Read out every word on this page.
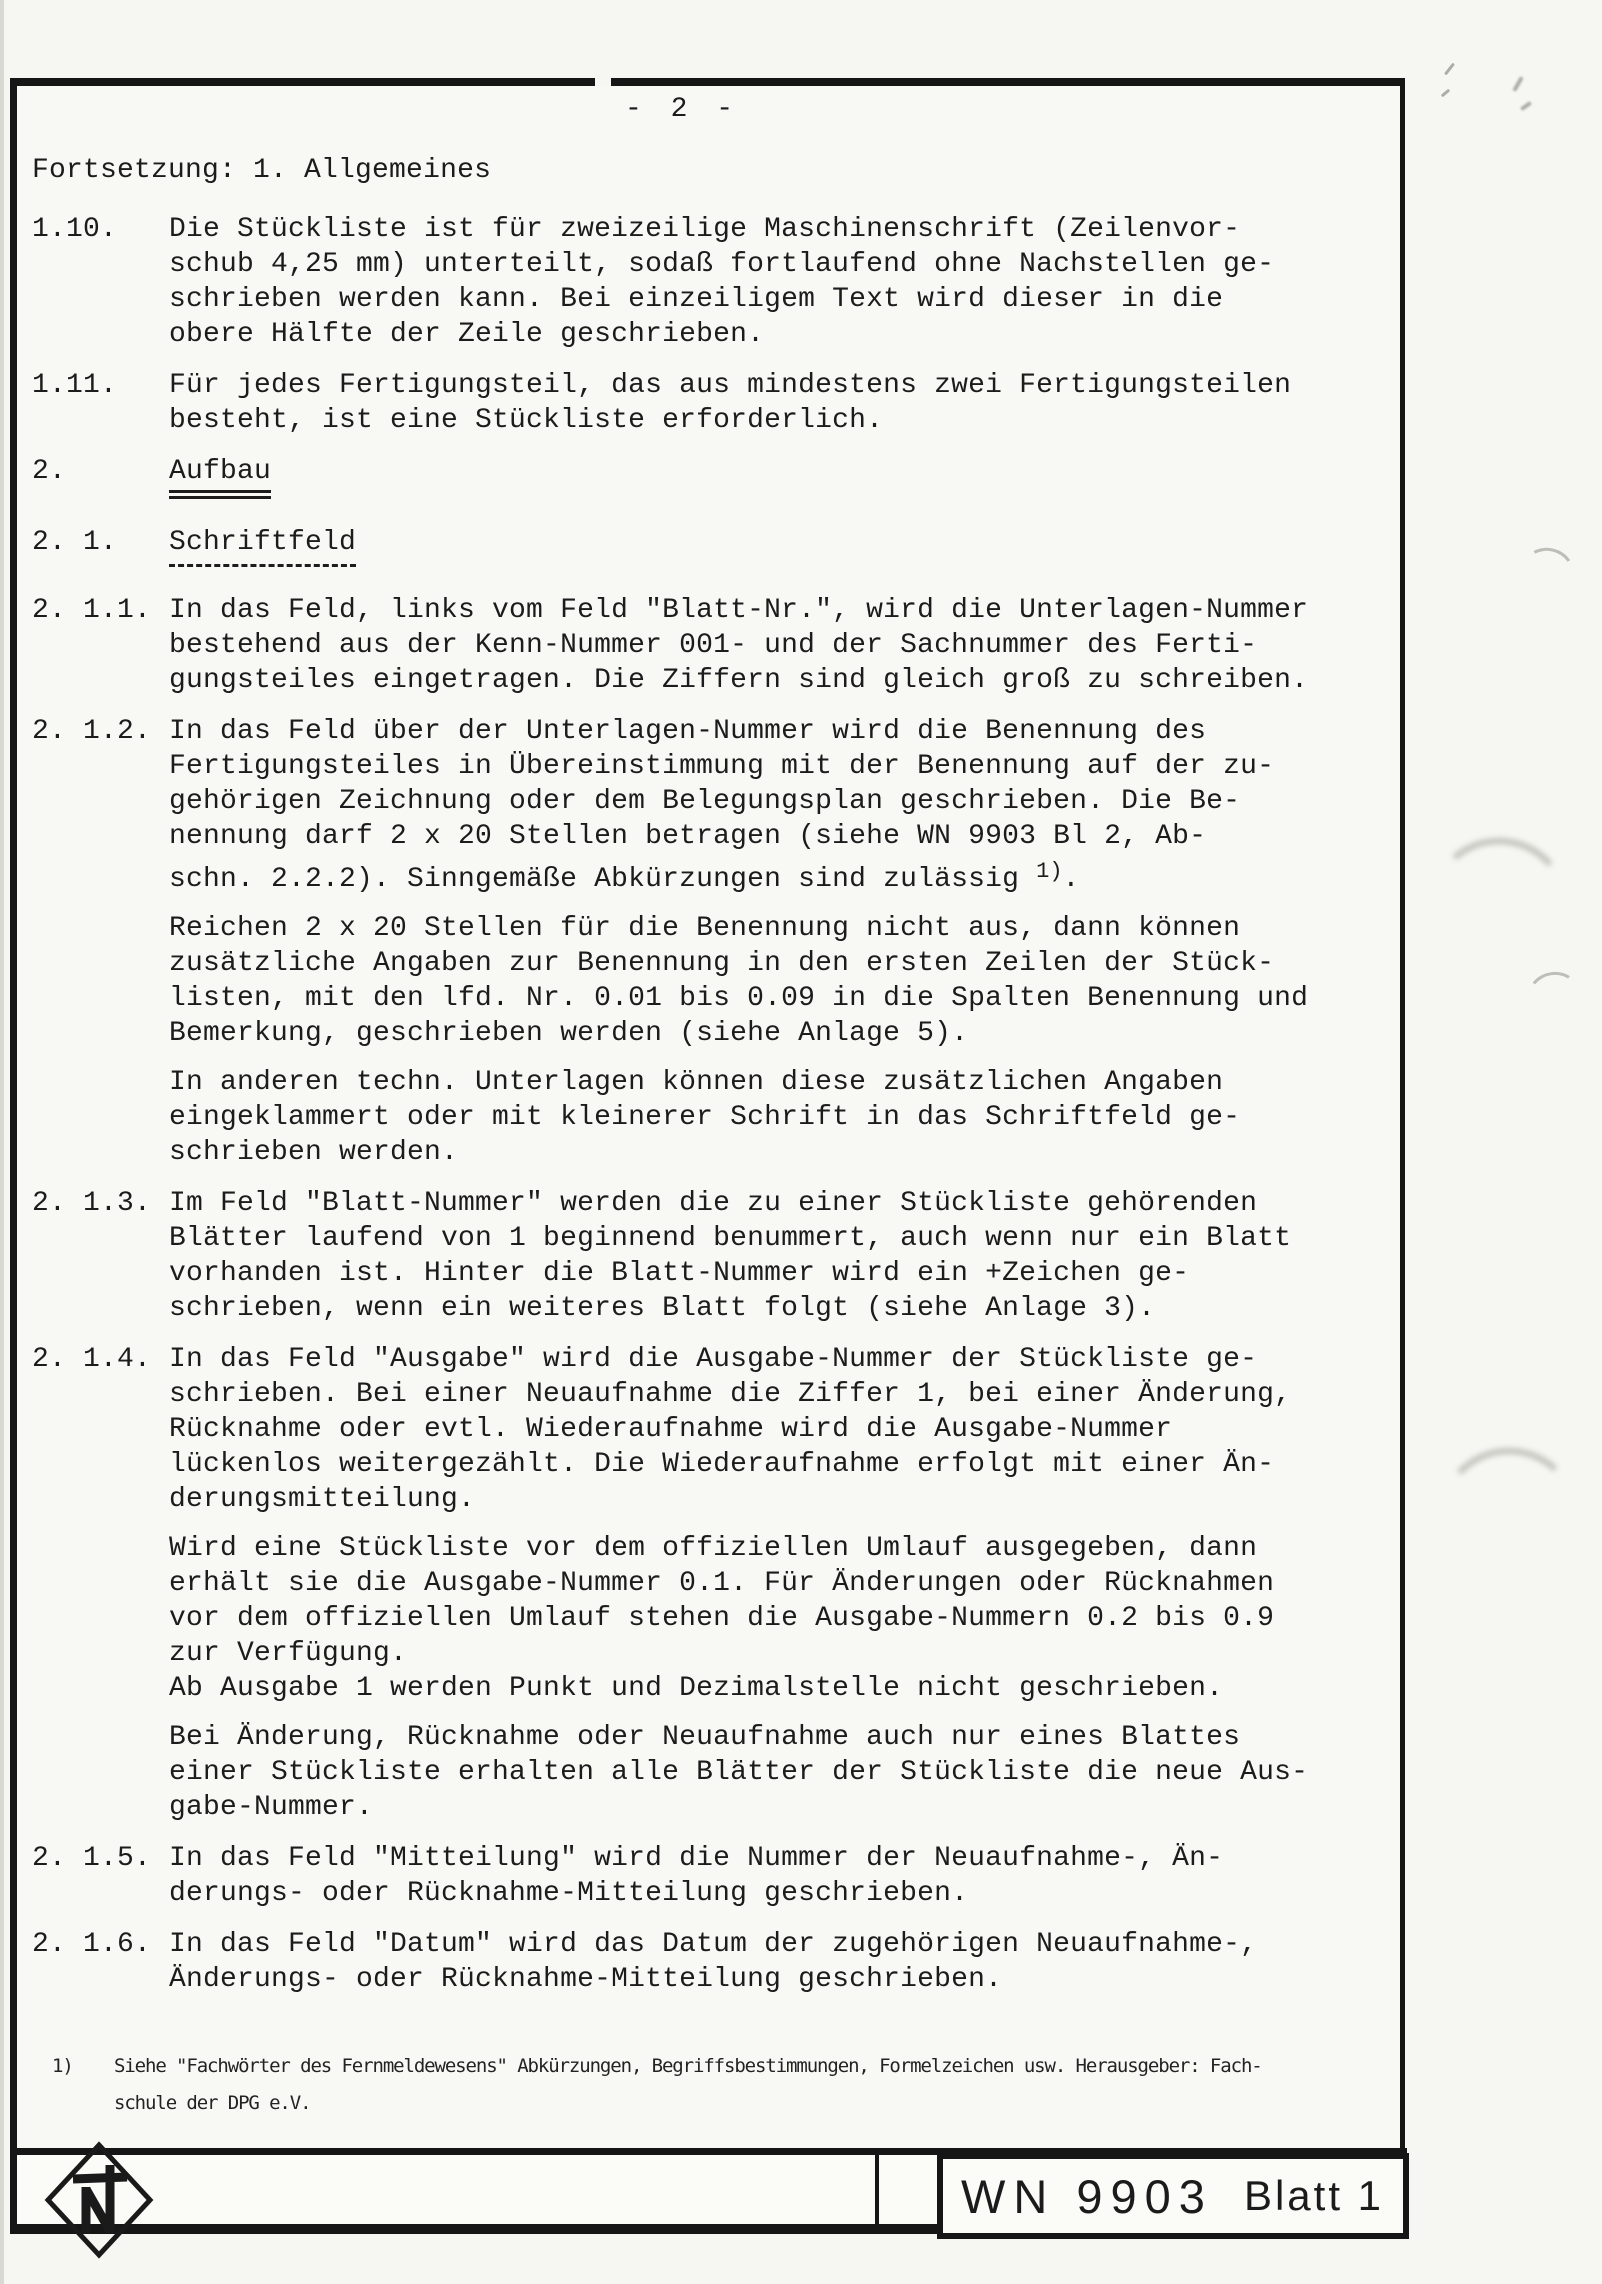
- 2 -
Fortsetzung: 1. Allgemeines
1.10.	Die Stückliste ist für zweizeilige Maschinenschrift (Zeilenvor-
schub 4,25 mm) unterteilt, sodaß fortlaufend ohne Nachstellen ge-
schrieben werden kann. Bei einzeiligem Text wird dieser in die
obere Hälfte der Zeile geschrieben.

1.11.	Für jedes Fertigungsteil, das aus mindestens zwei Fertigungsteilen
besteht, ist eine Stückliste erforderlich.

2.	Aufbau
2. 1.	Schriftfeld
2. 1.1. In das Feld, links vom Feld "Blatt-Nr.", wird die Unterlagen-Nummer
bestehend aus der Kenn-Nummer 001- und der Sachnummer des Ferti-
gungsteiles eingetragen. Die Ziffern sind gleich groß zu schreiben.

2. 1.2. In das Feld über der Unterlagen-Nummer wird die Benennung des
Fertigungsteiles in Übereinstimmung mit der Benennung auf der zu-
gehörigen Zeichnung oder dem Belegungsplan geschrieben. Die Be-
nennung darf 2 x 20 Stellen betragen (siehe WN 9903 Bl 2, Ab-
schn. 2.2.2). Sinngemäße Abkürzungen sind zulässig $^{1)}$.

Reichen 2 x 20 Stellen für die Benennung nicht aus, dann können
zusätzliche Angaben zur Benennung in den ersten Zeilen der Stück-
listen, mit den lfd. Nr. 0.01 bis 0.09 in die Spalten Benennung und
Bemerkung, geschrieben werden (siehe Anlage 5).

In anderen techn. Unterlagen können diese zusätzlichen Angaben
eingeklammert oder mit kleinerer Schrift in das Schriftfeld ge-
schrieben werden.

2. 1.3. Im Feld "Blatt-Nummer" werden die zu einer Stückliste gehörenden
Blätter laufend von 1 beginnend benummert, auch wenn nur ein Blatt
vorhanden ist. Hinter die Blatt-Nummer wird ein +Zeichen ge-
schrieben, wenn ein weiteres Blatt folgt (siehe Anlage 3).

2. 1.4. In das Feld "Ausgabe" wird die Ausgabe-Nummer der Stückliste ge-
schrieben. Bei einer Neuaufnahme die Ziffer 1, bei einer Änderung,
Rücknahme oder evtl. Wiederaufnahme wird die Ausgabe-Nummer
lückenlos weitergezählt. Die Wiederaufnahme erfolgt mit einer Än-
derungsmitteilung.

Wird eine Stückliste vor dem offiziellen Umlauf ausgegeben, dann
erhält sie die Ausgabe-Nummer 0.1. Für Änderungen oder Rücknahmen
vor dem offiziellen Umlauf stehen die Ausgabe-Nummern 0.2 bis 0.9
zur Verfügung.
Ab Ausgabe 1 werden Punkt und Dezimalstelle nicht geschrieben.

Bei Änderung, Rücknahme oder Neuaufnahme auch nur eines Blattes
einer Stückliste erhalten alle Blätter der Stückliste die neue Aus-
gabe-Nummer.

2. 1.5. In das Feld "Mitteilung" wird die Nummer der Neuaufnahme-, Än-
derungs- oder Rücknahme-Mitteilung geschrieben.

2. 1.6. In das Feld "Datum" wird das Datum der zugehörigen Neuaufnahme-,
Änderungs- oder Rücknahme-Mitteilung geschrieben.

1)	Siehe "Fachwörter des Fernmeldewesens" Abkürzungen, Begriffsbestimmungen, Formelzeichen usw. Herausgeber: Fach-
schule der DPG e.V.
WN 9903 Blatt 1
